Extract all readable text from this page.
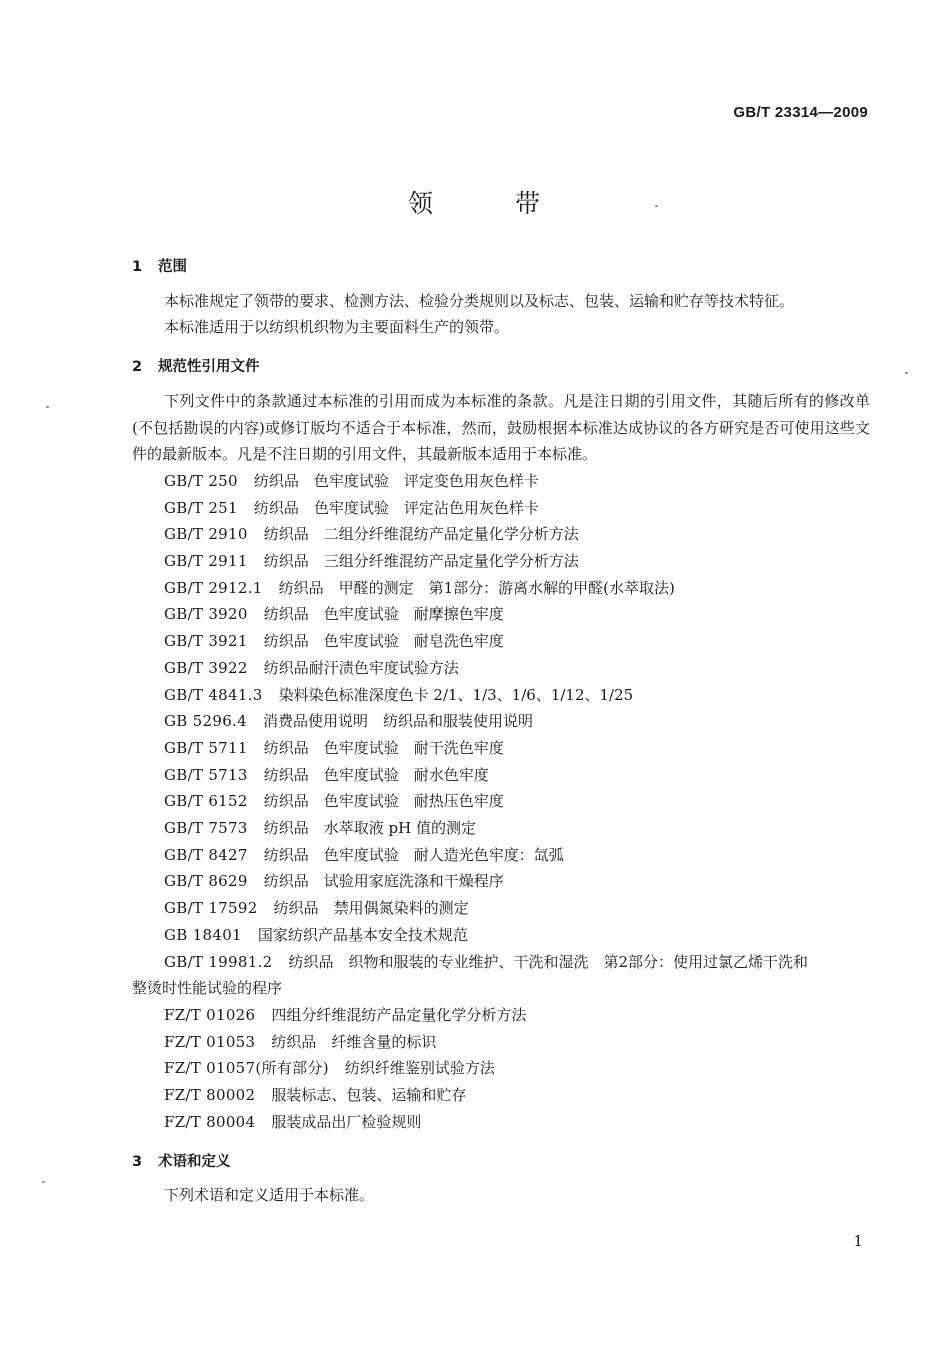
GB/T 23314—2009
领	带
1 范围
本标准规定了领带的要求、检测方法、检验分类规则以及标志、包装、运输和贮存等技术特征。
本标准适用于以纺织机织物为主要面料生产的领带。
2 规范性引用文件
下列文件中的条款通过本标准的引用而成为本标准的条款。凡是注日期的引用文件，其随后所有的修改单(不包括勘误的内容)或修订版均不适合于本标准，然而，鼓励根据本标准达成协议的各方研究是否可使用这些文件的最新版本。凡是不注日期的引用文件，其最新版本适用于本标准。
GB/T 250 纺织品　色牢度试验　评定变色用灰色样卡
GB/T 251 纺织品　色牢度试验　评定沾色用灰色样卡
GB/T 2910 纺织品　二组分纤维混纺产品定量化学分析方法
GB/T 2911 纺织品　三组分纤维混纺产品定量化学分析方法
GB/T 2912.1 纺织品　甲醛的测定　第1部分：游离水解的甲醛(水萃取法)
GB/T 3920 纺织品　色牢度试验　耐摩擦色牢度
GB/T 3921 纺织品　色牢度试验　耐皂洗色牢度
GB/T 3922 纺织品耐汗渍色牢度试验方法
GB/T 4841.3 染料染色标准深度色卡 2/1、1/3、1/6、1/12、1/25
GB 5296.4 消费品使用说明　纺织品和服装使用说明
GB/T 5711 纺织品　色牢度试验　耐干洗色牢度
GB/T 5713 纺织品　色牢度试验　耐水色牢度
GB/T 6152 纺织品　色牢度试验　耐热压色牢度
GB/T 7573 纺织品　水萃取液 pH 值的测定
GB/T 8427 纺织品　色牢度试验　耐人造光色牢度：氙弧
GB/T 8629 纺织品　试验用家庭洗涤和干燥程序
GB/T 17592 纺织品　禁用偶氮染料的测定
GB 18401 国家纺织产品基本安全技术规范
GB/T 19981.2 纺织品　织物和服装的专业维护、干洗和湿洗　第2部分：使用过氯乙烯干洗和
整烫时性能试验的程序
FZ/T 01026 四组分纤维混纺产品定量化学分析方法
FZ/T 01053 纺织品　纤维含量的标识
FZ/T 01057(所有部分) 纺织纤维鉴别试验方法
FZ/T 80002 服装标志、包装、运输和贮存
FZ/T 80004 服装成品出厂检验规则
3 术语和定义
下列术语和定义适用于本标准。
1
